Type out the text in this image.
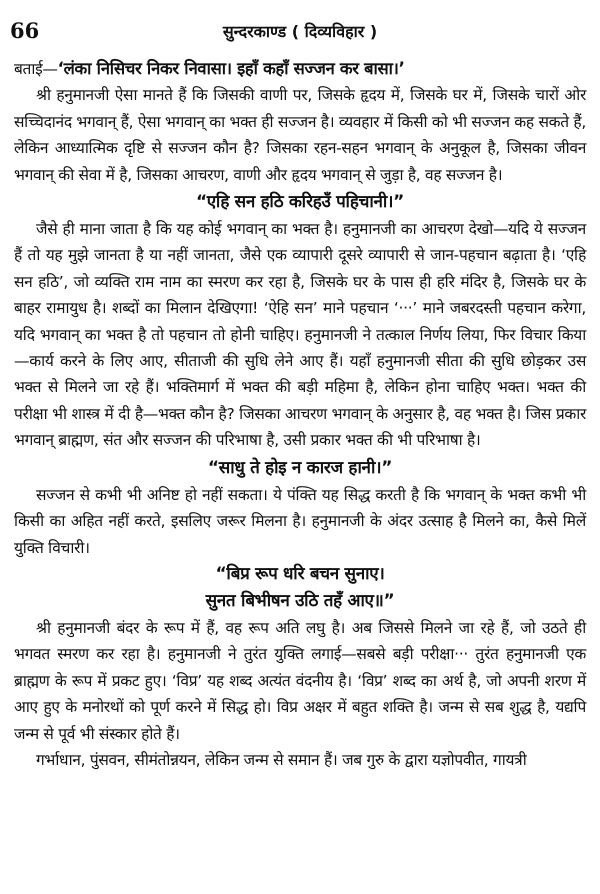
66	सुन्दरकाण्ड ( दिव्यविहार )

बताई—‘लंका निसिचर निकर निवासा। इहाँ कहाँ सज्जन कर बासा।’

श्री हनुमानजी ऐसा मानते हैं कि जिसकी वाणी पर, जिसके हृदय में, जिसके घर में, जिसके चारों ओर सच्चिदानंद भगवान् हैं, ऐसा भगवान् का भक्त ही सज्जन है। व्यवहार में किसी को भी सज्जन कह सकते हैं, लेकिन आध्यात्मिक दृष्टि से सज्जन कौन है? जिसका रहन-सहन भगवान् के अनुकूल है, जिसका जीवन भगवान् की सेवा में है, जिसका आचरण, वाणी और हृदय भगवान् से जुड़ा है, वह सज्जन है।

“एहि सन हठि करिहउँ पहिचानी।”

जैसे ही माना जाता है कि यह कोई भगवान् का भक्त है। हनुमानजी का आचरण देखो—यदि ये सज्जन हैं तो यह मुझे जानता है या नहीं जानता, जैसे एक व्यापारी दूसरे व्यापारी से जान-पहचान बढ़ाता है। ‘एहि सन हठि’, जो व्यक्ति राम नाम का स्मरण कर रहा है, जिसके घर के पास ही हरि मंदिर है, जिसके घर के बाहर रामायुध है। शब्दों का मिलान देखिएगा! ‘ऐहि सन’ माने पहचान ‘···’ माने जबरदस्ती पहचान करेगा, यदि भगवान् का भक्त है तो पहचान तो होनी चाहिए। हनुमानजी ने तत्काल निर्णय लिया, फिर विचार किया—कार्य करने के लिए आए, सीताजी की सुधि लेने आए हैं। यहाँ हनुमानजी सीता की सुधि छोड़कर उस भक्त से मिलने जा रहे हैं। भक्तिमार्ग में भक्त की बड़ी महिमा है, लेकिन होना चाहिए भक्त। भक्त की परीक्षा भी शास्त्र में दी है—भक्त कौन है? जिसका आचरण भगवान् के अनुसार है, वह भक्त है। जिस प्रकार भगवान् ब्राह्मण, संत और सज्जन की परिभाषा है, उसी प्रकार भक्त की भी परिभाषा है।

“साधु ते होइ न कारज हानी।”

सज्जन से कभी भी अनिष्ट हो नहीं सकता। ये पंक्ति यह सिद्ध करती है कि भगवान् के भक्त कभी भी किसी का अहित नहीं करते, इसलिए जरूर मिलना है। हनुमानजी के अंदर उत्साह है मिलने का, कैसे मिलें युक्ति विचारी।

“बिप्र रूप धरि बचन सुनाए।

सुनत बिभीषन उठि तहँ आए॥”

श्री हनुमानजी बंदर के रूप में हैं, वह रूप अति लघु है। अब जिससे मिलने जा रहे हैं, जो उठते ही भगवत स्मरण कर रहा है। हनुमानजी ने तुरंत युक्ति लगाई—सबसे बड़ी परीक्षा··· तुरंत हनुमानजी एक ब्राह्मण के रूप में प्रकट हुए। ‘विप्र’ यह शब्द अत्यंत वंदनीय है। ‘विप्र’ शब्द का अर्थ है, जो अपनी शरण में आए हुए के मनोरथों को पूर्ण करने में सिद्ध हो। विप्र अक्षर में बहुत शक्ति है। जन्म से सब शुद्ध है, यद्यपि जन्म से पूर्व भी संस्कार होते हैं।

गर्भाधान, पुंसवन, सीमंतोन्नयन, लेकिन जन्म से समान हैं। जब गुरु के द्वारा यज्ञोपवीत, गायत्री
